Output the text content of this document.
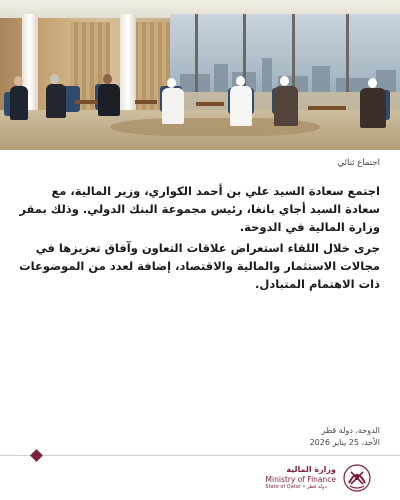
اجتماع ثنائي

اجتمع سعادة السيد علي بن أحمد الكواري، وزير المالية، مع سعادة السيد أجاي بانغا، رئيس مجموعة البنك الدولي. وذلك بمقر وزارة المالية في الدوحة.

جرى خلال اللقاء استعراض علاقات التعاون وآفاق تعزيزها في مجالات الاستثمار والمالية والاقتصاد، إضافة لعدد من الموضوعات ذات الاهتمام المتبادل.

الدوحة، دولة قطر
الأحد، 25 يناير 2026
وزارة المالية
Ministry of Finance
State of Qatar • دولة قطر
